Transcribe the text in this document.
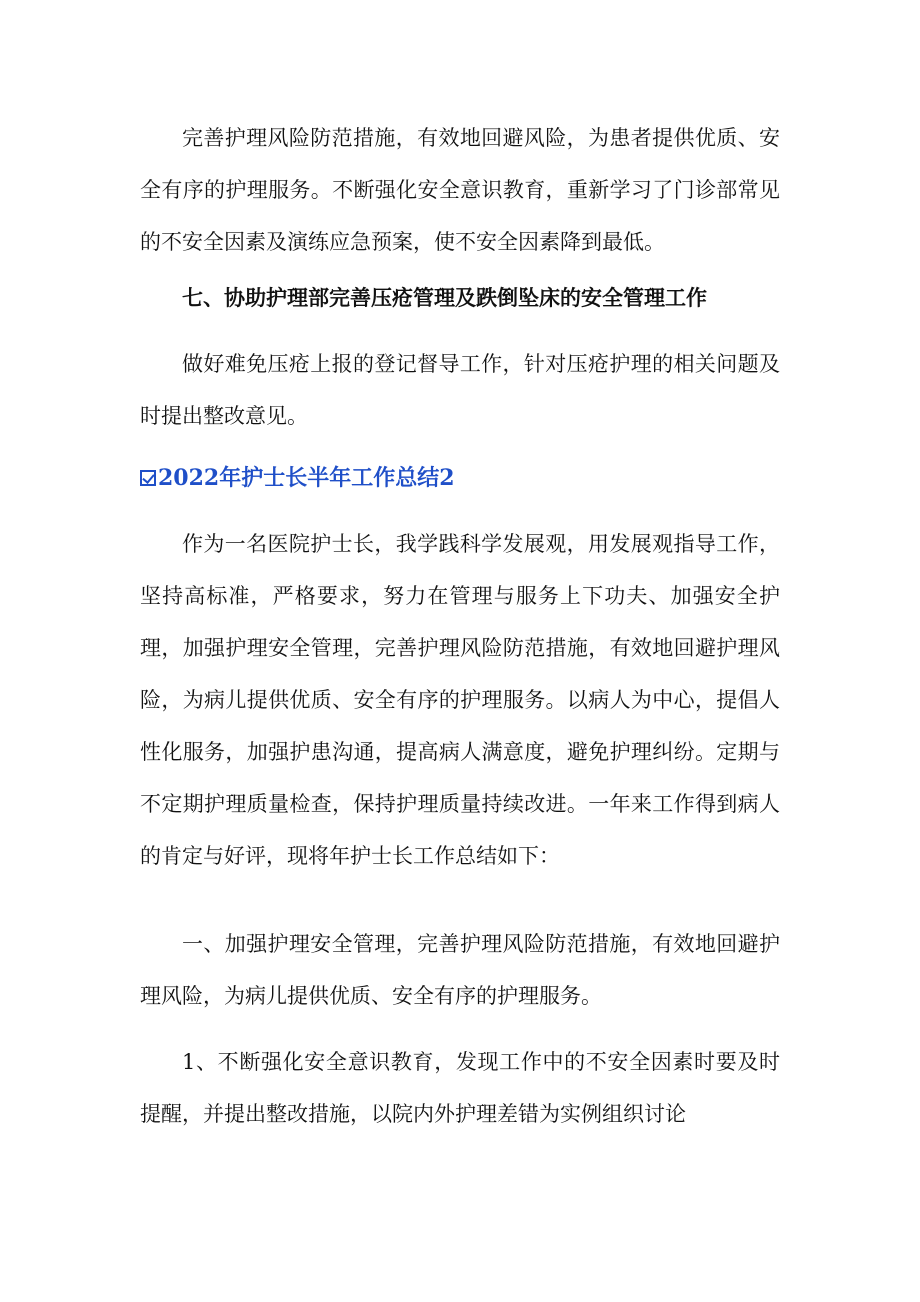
完善护理风险防范措施，有效地回避风险，为患者提供优质、安全有序的护理服务。不断强化安全意识教育，重新学习了门诊部常见的不安全因素及演练应急预案，使不安全因素降到最低。

七、协助护理部完善压疮管理及跌倒坠床的安全管理工作

做好难免压疮上报的登记督导工作，针对压疮护理的相关问题及时提出整改意见。

2022年护士长半年工作总结2

作为一名医院护士长，我学践科学发展观，用发展观指导工作，坚持高标准，严格要求，努力在管理与服务上下功夫、加强安全护理，加强护理安全管理，完善护理风险防范措施，有效地回避护理风险，为病儿提供优质、安全有序的护理服务。以病人为中心，提倡人性化服务，加强护患沟通，提高病人满意度，避免护理纠纷。定期与不定期护理质量检查，保持护理质量持续改进。一年来工作得到病人的肯定与好评，现将年护士长工作总结如下：

一、加强护理安全管理，完善护理风险防范措施，有效地回避护理风险，为病儿提供优质、安全有序的护理服务。

1、不断强化安全意识教育，发现工作中的不安全因素时要及时提醒，并提出整改措施，以院内外护理差错为实例组织讨论
